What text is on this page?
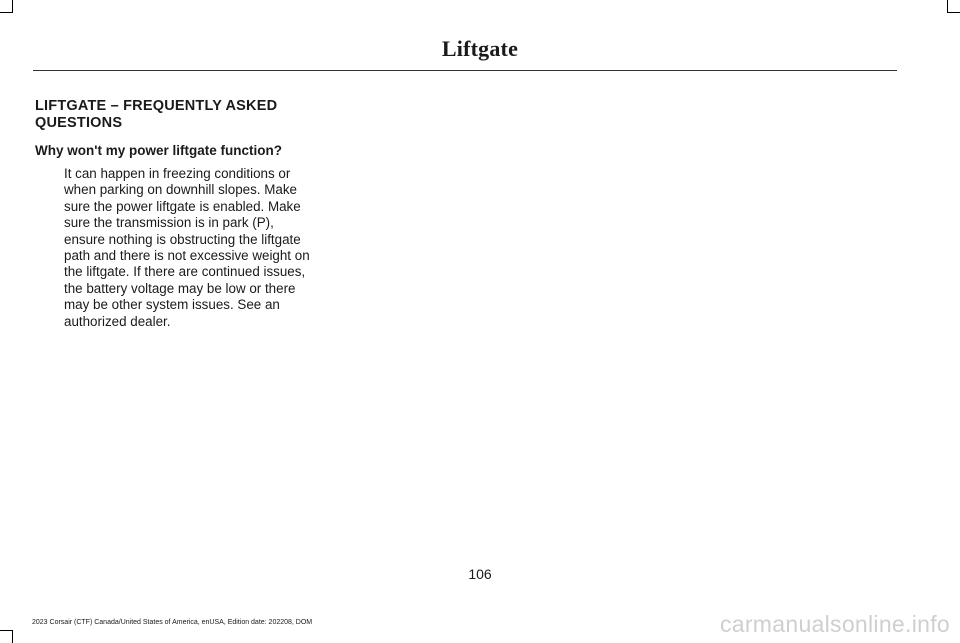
Liftgate
LIFTGATE – FREQUENTLY ASKED QUESTIONS
Why won't my power liftgate function?
It can happen in freezing conditions or when parking on downhill slopes. Make sure the power liftgate is enabled. Make sure the transmission is in park (P), ensure nothing is obstructing the liftgate path and there is not excessive weight on the liftgate. If there are continued issues, the battery voltage may be low or there may be other system issues. See an authorized dealer.
106
2023 Corsair (CTF) Canada/United States of America, enUSA, Edition date: 202208, DOM	carmanualsonline.info
